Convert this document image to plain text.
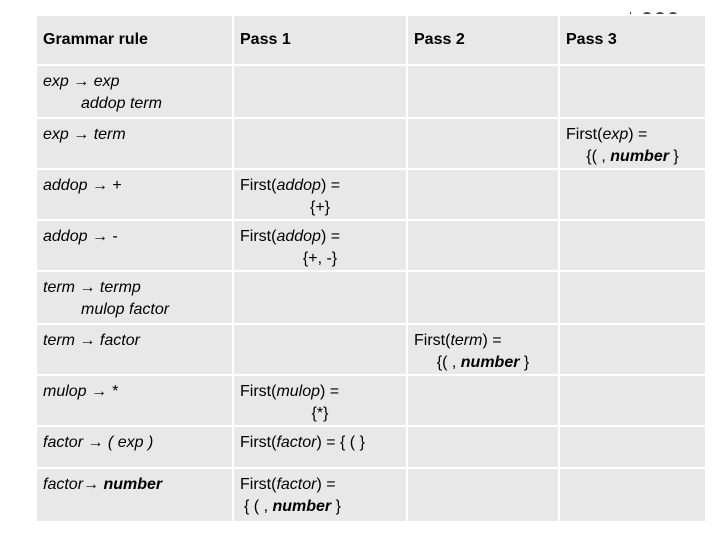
Grammar rule	Pass 1	Pass 2	Pass 3
exp → exp
addop term			

exp → term			First(exp) =
{( , number }

addop → +	First(addop) =
{+}		

addop → -	First(addop) =
{+, -}		

term → termp
mulop factor			

term → factor		First(term) =
{( , number }	

mulop → *	First(mulop) =
{*}		

factor → ( exp )	First(factor) = { ( }		
factor→ number	First(factor) =
{ ( , number }		
